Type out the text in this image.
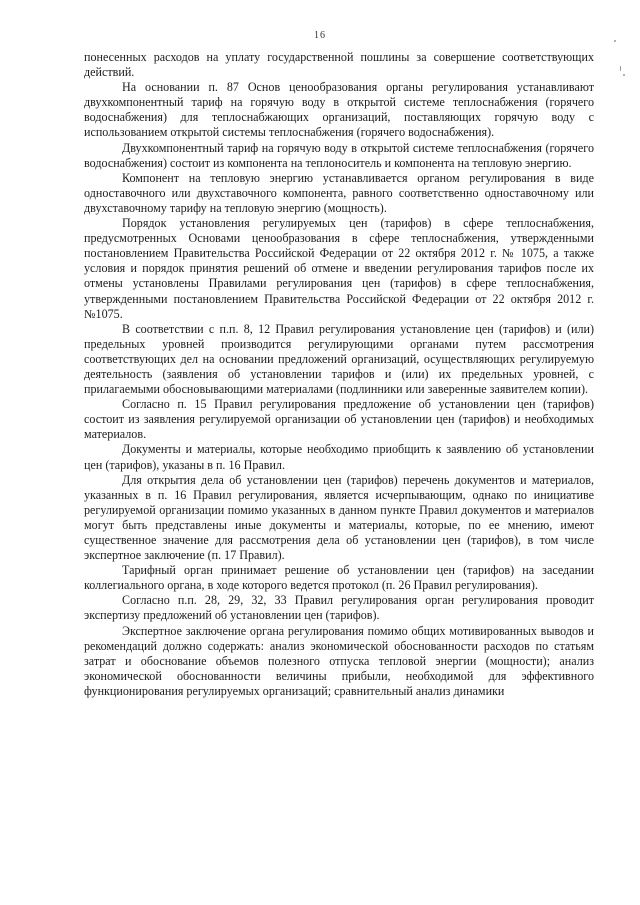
16

понесенных расходов на уплату государственной пошлины за совершение соответствующих действий.

На основании п. 87 Основ ценообразования органы регулирования устанавливают двухкомпонентный тариф на горячую воду в открытой системе теплоснабжения (горячего водоснабжения) для теплоснабжающих организаций, поставляющих горячую воду с использованием открытой системы теплоснабжения (горячего водоснабжения).

Двухкомпонентный тариф на горячую воду в открытой системе теплоснабжения (горячего водоснабжения) состоит из компонента на теплоноситель и компонента на тепловую энергию.

Компонент на тепловую энергию устанавливается органом регулирования в виде одноставочного или двухставочного компонента, равного соответственно одноставочному или двухставочному тарифу на тепловую энергию (мощность).

Порядок установления регулируемых цен (тарифов) в сфере теплоснабжения, предусмотренных Основами ценообразования в сфере теплоснабжения, утвержденными постановлением Правительства Российской Федерации от 22 октября 2012 г. № 1075, а также условия и порядок принятия решений об отмене и введении регулирования тарифов после их отмены установлены Правилами регулирования цен (тарифов) в сфере теплоснабжения, утвержденными постановлением Правительства Российской Федерации от 22 октября 2012 г. №1075.

В соответствии с п.п. 8, 12 Правил регулирования установление цен (тарифов) и (или) предельных уровней производится регулирующими органами путем рассмотрения соответствующих дел на основании предложений организаций, осуществляющих регулируемую деятельность (заявления об установлении тарифов и (или) их предельных уровней, с прилагаемыми обосновывающими материалами (подлинники или заверенные заявителем копии).

Согласно п. 15 Правил регулирования предложение об установлении цен (тарифов) состоит из заявления регулируемой организации об установлении цен (тарифов) и необходимых материалов.

Документы и материалы, которые необходимо приобщить к заявлению об установлении цен (тарифов), указаны в п. 16 Правил.

Для открытия дела об установлении цен (тарифов) перечень документов и материалов, указанных в п. 16 Правил регулирования, является исчерпывающим, однако по инициативе регулируемой организации помимо указанных в данном пункте Правил документов и материалов могут быть представлены иные документы и материалы, которые, по ее мнению, имеют существенное значение для рассмотрения дела об установлении цен (тарифов), в том числе экспертное заключение (п. 17 Правил).

Тарифный орган принимает решение об установлении цен (тарифов) на заседании коллегиального органа, в ходе которого ведется протокол (п. 26 Правил регулирования).

Согласно п.п. 28, 29, 32, 33 Правил регулирования орган регулирования проводит экспертизу предложений об установлении цен (тарифов).

Экспертное заключение органа регулирования помимо общих мотивированных выводов и рекомендаций должно содержать: анализ экономической обоснованности расходов по статьям затрат и обоснование объемов полезного отпуска тепловой энергии (мощности); анализ экономической обоснованности величины прибыли, необходимой для эффективного функционирования регулируемых организаций; сравнительный анализ динамики
